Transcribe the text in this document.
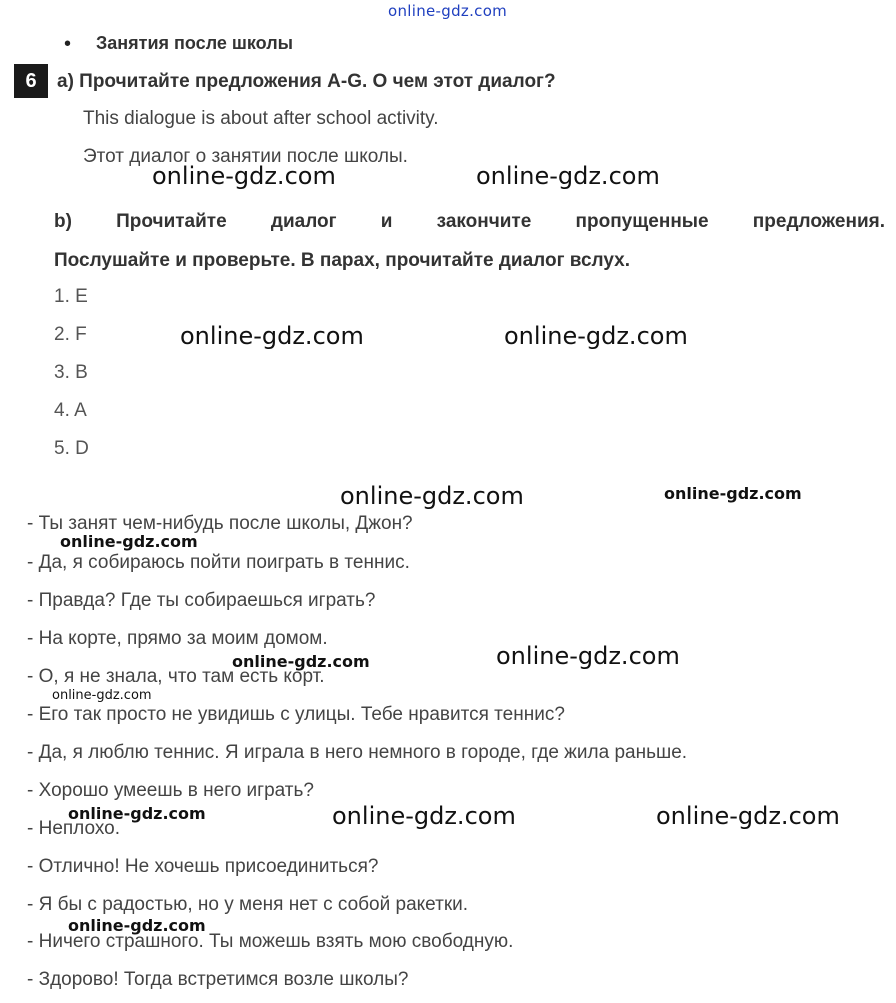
online-gdz.com
• Занятия после школы
6	a) Прочитайте предложения A-G. О чем этот диалог?
This dialogue is about after school activity.
Этот диалог о занятии после школы.
b) Прочитайте диалог и закончите пропущенные предложения.
Послушайте и проверьте. В парах, прочитайте диалог вслух.
1. E
2. F
3. B
4. A
5. D
- Ты занят чем-нибудь после школы, Джон?
- Да, я собираюсь пойти поиграть в теннис.
- Правда? Где ты собираешься играть?
- На корте, прямо за моим домом.
- О, я не знала, что там есть корт.
- Его так просто не увидишь с улицы. Тебе нравится теннис?
- Да, я люблю теннис. Я играла в него немного в городе, где жила раньше.
- Хорошо умеешь в него играть?
- Неплохо.
- Отлично! Не хочешь присоединиться?
- Я бы с радостью, но у меня нет с собой ракетки.
- Ничего страшного. Ты можешь взять мою свободную.
- Здорово! Тогда встретимся возле школы?
online-gdz.com	online-gdz.com
online-gdz.com	online-gdz.com
online-gdz.com	online-gdz.com
online-gdz.com
online-gdz.com	online-gdz.com
online-gdz.com
online-gdz.com	online-gdz.com	online-gdz.com
online-gdz.com
